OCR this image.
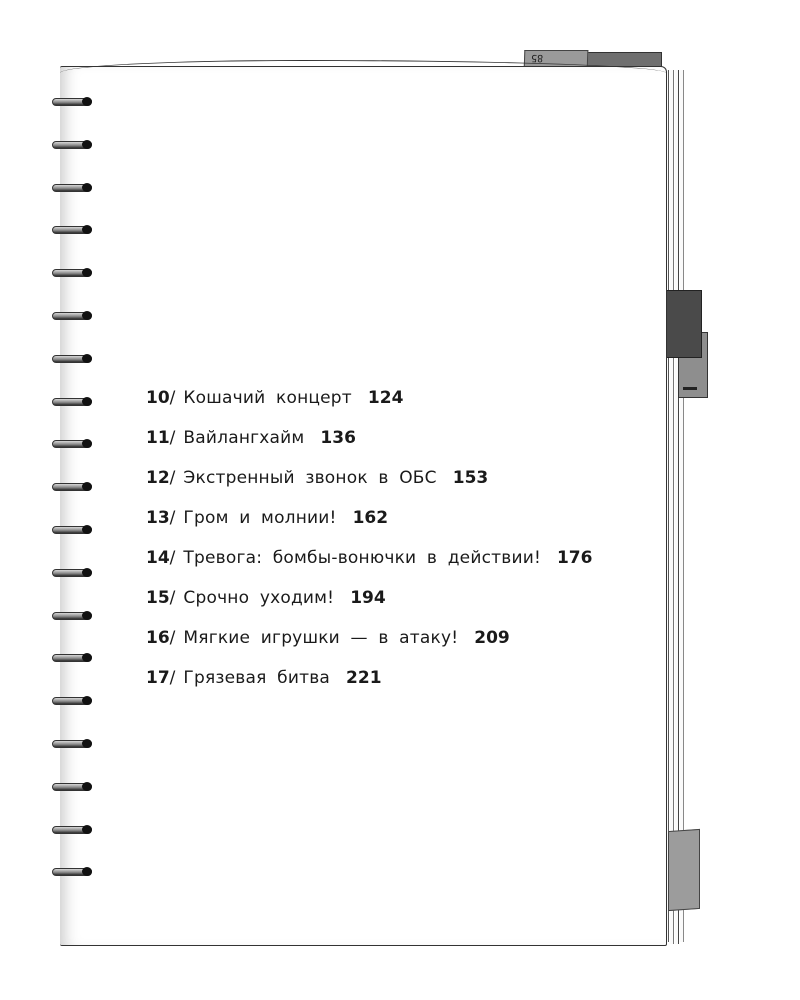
85
10 / Кошачий концерт 124
11 / Вайлангхайм 136
12 / Экстренный звонок в ОБС 153
13 / Гром и молнии! 162
14 / Тревога: бомбы-вонючки в действии! 176
15 / Срочно уходим! 194
16 / Мягкие игрушки — в атаку! 209
17 / Грязевая битва 221
